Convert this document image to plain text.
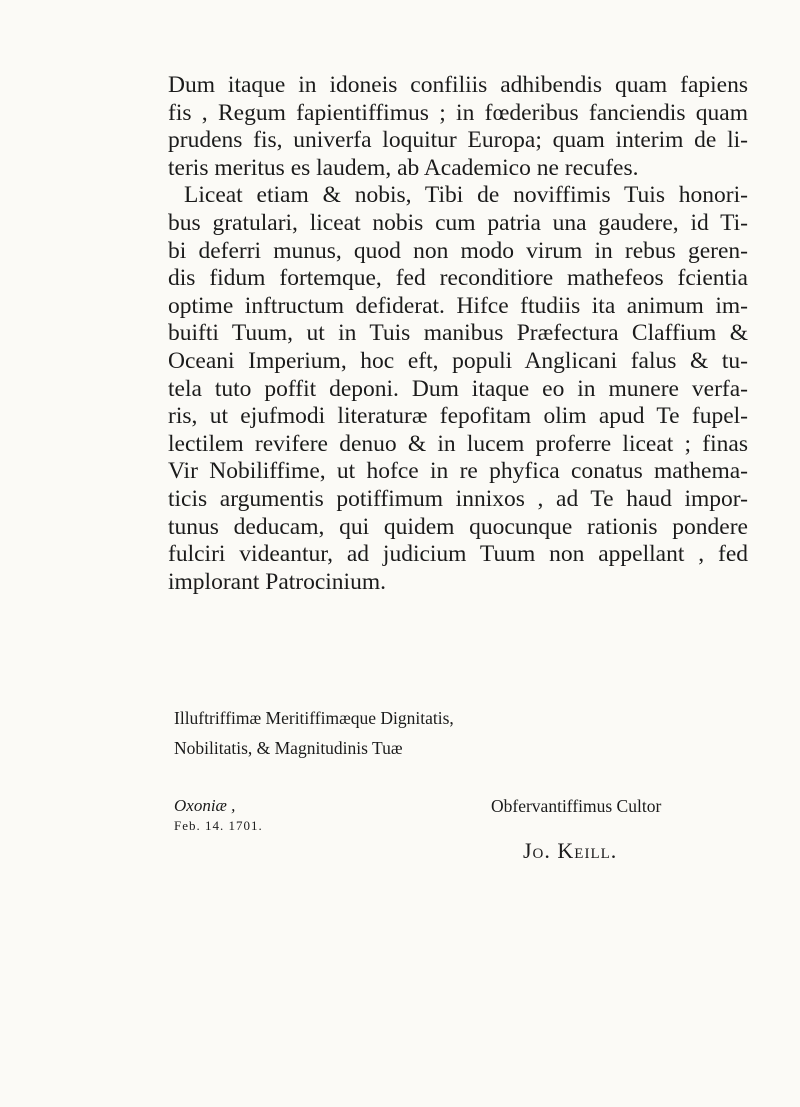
Dum itaque in idoneis confiliis adhibendis quam fapiens
fis , Regum fapientiffimus ; in fœderibus fanciendis quam
prudens fis, univerfa loquitur Europa; quam interim de li-
teris meritus es laudem, ab Academico ne recufes.
Liceat etiam & nobis, Tibi de noviffimis Tuis honori-
bus gratulari, liceat nobis cum patria una gaudere, id Ti-
bi deferri munus, quod non modo virum in rebus geren-
dis fidum fortemque, fed reconditiore mathefeos fcientia
optime inftructum defiderat. Hifce ftudiis ita animum im-
buifti Tuum, ut in Tuis manibus Præfectura Claffium &
Oceani Imperium, hoc eft, populi Anglicani falus & tu-
tela tuto poffit deponi. Dum itaque eo in munere verfa-
ris, ut ejufmodi literaturæ fepofitam olim apud Te fupel-
lectilem revifere denuo & in lucem proferre liceat ; finas
Vir Nobiliffime, ut hofce in re phyfica conatus mathema-
ticis argumentis potiffimum innixos , ad Te haud impor-
tunus deducam, qui quidem quocunque rationis pondere
fulciri videantur, ad judicium Tuum non appellant , fed
implorant Patrocinium.
Illuftriffimæ Meritiffimæque Dignitatis,
Nobilitatis, & Magnitudinis Tuæ
Oxoniæ ,
Feb. 14. 1701.
Obfervantiffimus Cultor
Jo. Keill.
